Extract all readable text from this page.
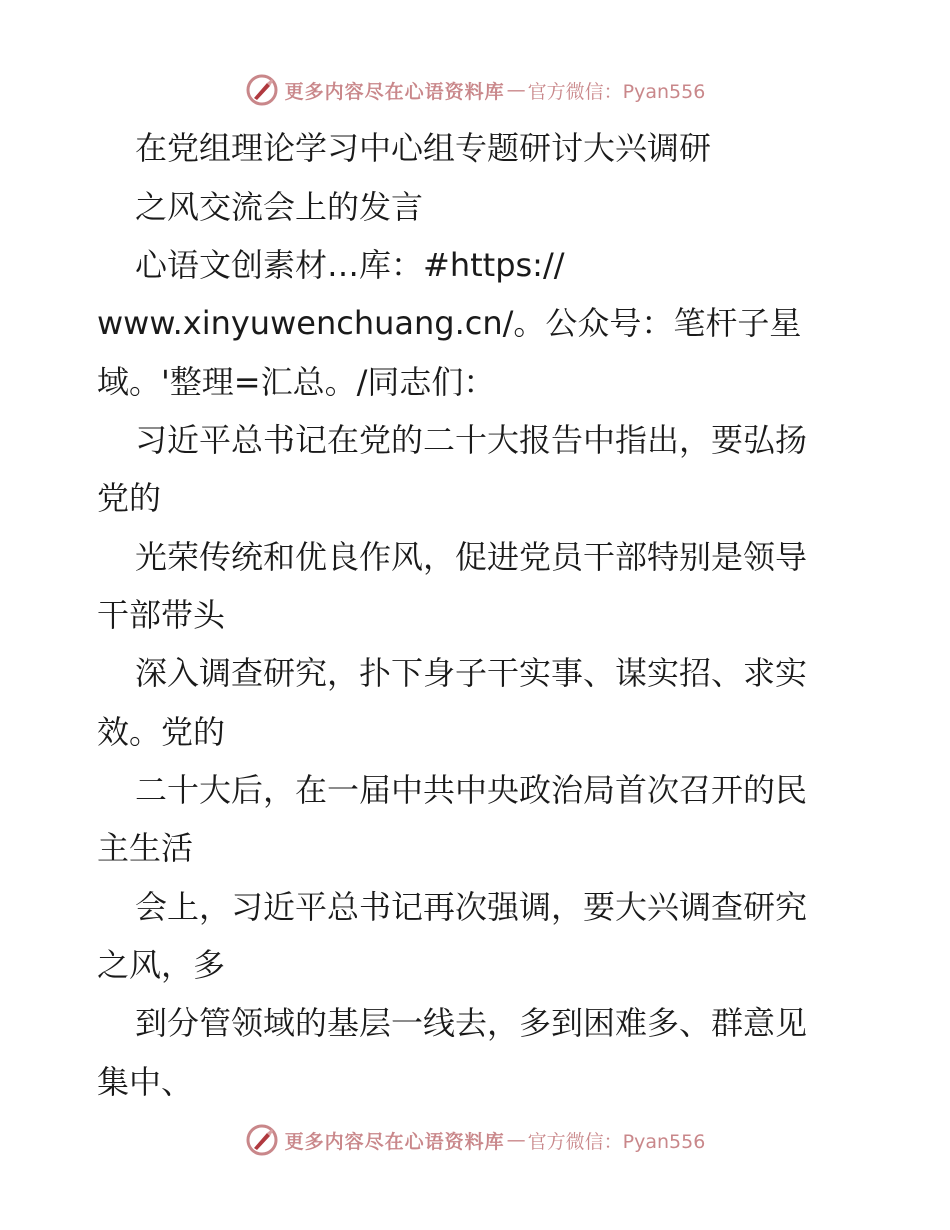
更多内容尽在心语资料库 — 官方微信：Pyan556
在党组理论学习中心组专题研讨大兴调研
之风交流会上的发言
心语文创素材…库：#https://
www.xinyuwenchuang.cn/。公众号：笔杆子星
域。'整理=汇总。/同志们：
习近平总书记在党的二十大报告中指出，要弘扬
党的
光荣传统和优良作风，促进党员干部特别是领导
干部带头
深入调查研究，扑下身子干实事、谋实招、求实
效。党的
二十大后，在一届中共中央政治局首次召开的民
主生活
会上，习近平总书记再次强调，要大兴调查研究
之风，多
到分管领域的基层一线去，多到困难多、群意见
集中、
更多内容尽在心语资料库 — 官方微信：Pyan556
